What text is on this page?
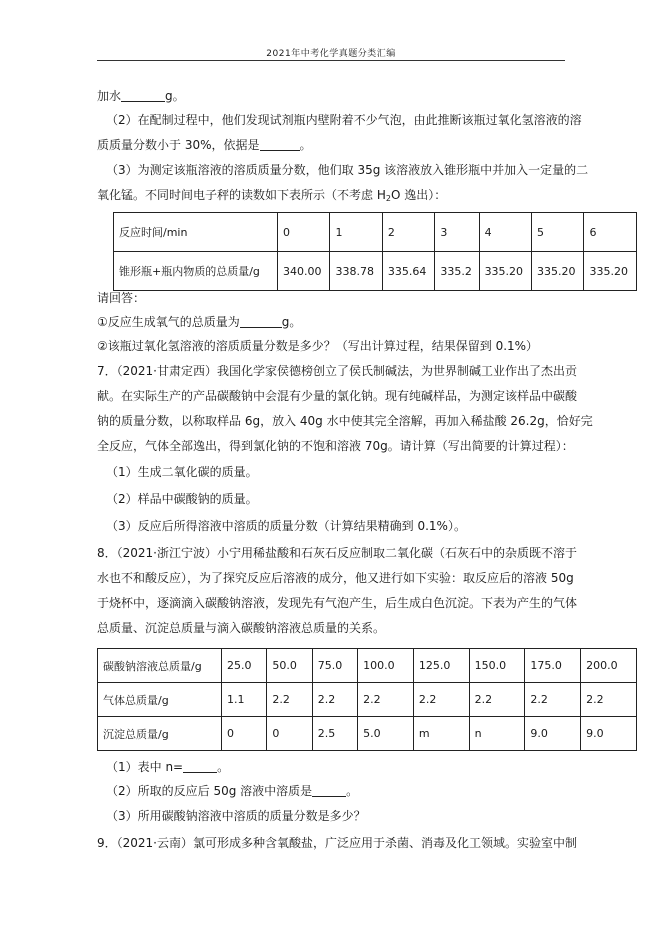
2021年中考化学真题分类汇编
加水	g。
（2）在配制过程中，他们发现试剂瓶内壁附着不少气泡，由此推断该瓶过氧化氢溶液的溶
质质量分数小于 30%，依据是	。
（3）为测定该瓶溶液的溶质质量分数，他们取 35g 该溶液放入锥形瓶中并加入一定量的二
氧化锰。不同时间电子秤的读数如下表所示（不考虑 $H_2O$ 逸出）：
反应时间/min	0	1	2	3	4	5	6
锥形瓶+瓶内物质的总质量/g	340.00	338.78	335.64	335.2	335.20	335.20	335.20
请回答：
①反应生成氧气的总质量为	g。
②该瓶过氧化氢溶液的溶质质量分数是多少？（写出计算过程，结果保留到 0.1%）
7．（2021·甘肃定西）我国化学家侯德榜创立了侯氏制碱法，为世界制碱工业作出了杰出贡
献。在实际生产的产品碳酸钠中会混有少量的氯化钠。现有纯碱样品，为测定该样品中碳酸
钠的质量分数，以称取样品 6g，放入 40g 水中使其完全溶解，再加入稀盐酸 26.2g，恰好完
全反应，气体全部逸出，得到氯化钠的不饱和溶液 70g。请计算（写出简要的计算过程）：
（1）生成二氧化碳的质量。
（2）样品中碳酸钠的质量。
（3）反应后所得溶液中溶质的质量分数（计算结果精确到 0.1%）。
8．（2021·浙江宁波）小宁用稀盐酸和石灰石反应制取二氧化碳（石灰石中的杂质既不溶于
水也不和酸反应），为了探究反应后溶液的成分，他又进行如下实验：取反应后的溶液 50g
于烧杯中，逐滴滴入碳酸钠溶液，发现先有气泡产生，后生成白色沉淀。下表为产生的气体
总质量、沉淀总质量与滴入碳酸钠溶液总质量的关系。
碳酸钠溶液总质量/g	25.0	50.0	75.0	100.0	125.0	150.0	175.0	200.0
气体总质量/g	1.1	2.2	2.2	2.2	2.2	2.2	2.2	2.2
沉淀总质量/g	0	0	2.5	5.0	m	n	9.0	9.0
（1）表中 n=	。
（2）所取的反应后 50g 溶液中溶质是	。
（3）所用碳酸钠溶液中溶质的质量分数是多少？
9．（2021·云南）氯可形成多种含氧酸盐，广泛应用于杀菌、消毒及化工领域。实验室中制
